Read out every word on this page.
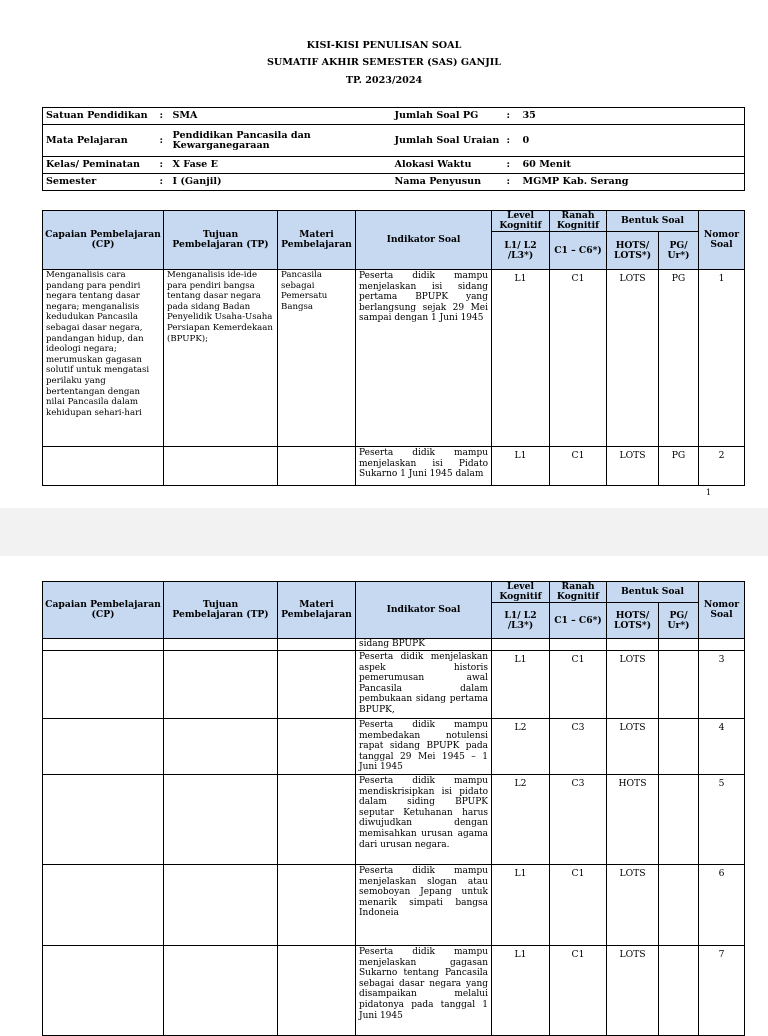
KISI-KISI PENULISAN SOAL
SUMATIF AKHIR SEMESTER (SAS) GANJIL
TP. 2023/2024
Satuan Pendidikan	:	SMA	Jumlah Soal PG	:	35
Mata Pelajaran	:	Pendidikan Pancasila dan Kewarganegaraan	Jumlah Soal Uraian	:	0
Kelas/ Peminatan	:	X Fase E	Alokasi Waktu	:	60 Menit
Semester	:	I (Ganjil)	Nama Penyusun	:	MGMP Kab. Serang
Capaian Pembelajaran (CP)	Tujuan Pembelajaran (TP)	Materi Pembelajaran	Indikator Soal	Level Kognitif	Ranah Kognitif	Bentuk Soal		Nomor Soal
				L1/ L2 /L3*)	C1 – C6*)	HOTS/ LOTS*)	PG/ Ur*)	
Menganalisis cara pandang para pendiri negara tentang dasar negara; menganalisis kedudukan Pancasila sebagai dasar negara, pandangan hidup, dan ideologi negara; merumuskan gagasan solutif untuk mengatasi perilaku yang bertentangan dengan nilai Pancasila dalam kehidupan sehari-hari	Menganalisis ide-ide para pendiri bangsa tentang dasar negara pada sidang Badan Penyelidik Usaha-Usaha Persiapan Kemerdekaan (BPUPK);	Pancasila sebagai Pemersatu Bangsa	Peserta didik mampu menjelaskan isi sidang pertama BPUPK yang berlangsung sejak 29 Mei sampai dengan 1 Juni 1945	L1	C1	LOTS	PG	1
			Peserta didik mampu menjelaskan isi Pidato Sukarno 1 Juni 1945 dalam	L1	C1	LOTS	PG	2
1
Capaian Pembelajaran (CP)	Tujuan Pembelajaran (TP)	Materi Pembelajaran	Indikator Soal	Level Kognitif	Ranah Kognitif	Bentuk Soal		Nomor Soal
				L1/ L2 /L3*)	C1 – C6*)	HOTS/ LOTS*)	PG/ Ur*)	
			sidang BPUPK					
			Peserta didik menjelaskan aspek historis pemerumusan awal Pancasila dalam pembukaan sidang pertama BPUPK,	L1	C1	LOTS		3
			Peserta didik mampu membedakan notulensi rapat sidang BPUPK pada tanggal 29 Mei 1945 – 1 Juni 1945	L2	C3	LOTS		4
			Peserta didik mampu mendiskrisipkan isi pidato dalam siding BPUPK seputar Ketuhanan harus diwujudkan dengan memisahkan urusan agama dari urusan negara.	L2	C3	HOTS		5
			Peserta didik mampu menjelaskan slogan atau semoboyan Jepang untuk menarik simpati bangsa Indoneia	L1	C1	LOTS		6
			Peserta didik mampu menjelaskan gagasan Sukarno tentang Pancasila sebagai dasar negara yang disampaikan melalui pidatonya pada tanggal 1 Juni 1945	L1	C1	LOTS		7
